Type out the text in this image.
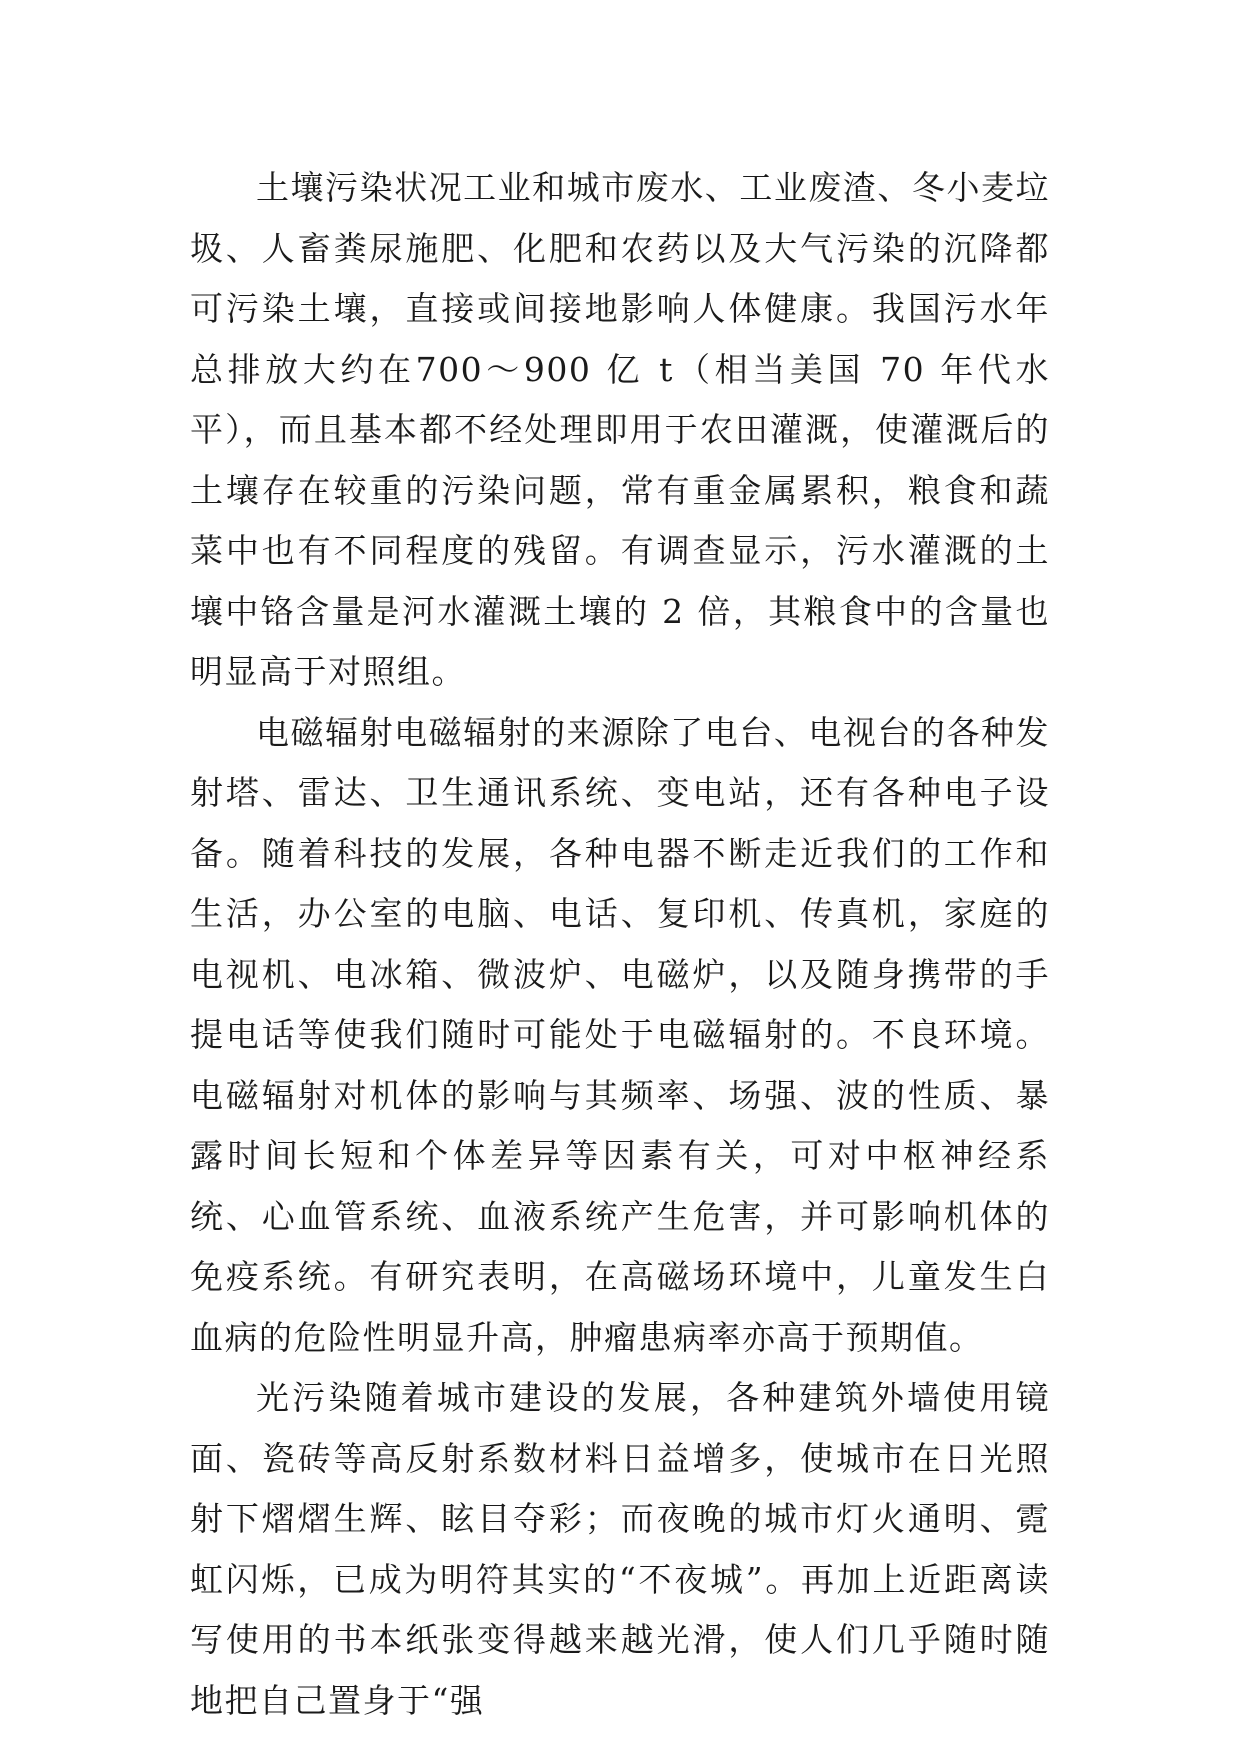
土壤污染状况工业和城市废水、工业废渣、冬小麦垃圾、人畜粪尿施肥、化肥和农药以及大气污染的沉降都可污染土壤，直接或间接地影响人体健康。我国污水年总排放大约在700～900 亿 t（相当美国 70 年代水平），而且基本都不经处理即用于农田灌溉，使灌溉后的土壤存在较重的污染问题，常有重金属累积，粮食和蔬菜中也有不同程度的残留。有调查显示，污水灌溉的土壤中铬含量是河水灌溉土壤的 2 倍，其粮食中的含量也明显高于对照组。

电磁辐射电磁辐射的来源除了电台、电视台的各种发射塔、雷达、卫生通讯系统、变电站，还有各种电子设备。随着科技的发展，各种电器不断走近我们的工作和生活，办公室的电脑、电话、复印机、传真机，家庭的电视机、电冰箱、微波炉、电磁炉，以及随身携带的手提电话等使我们随时可能处于电磁辐射的。不良环境。电磁辐射对机体的影响与其频率、场强、波的性质、暴露时间长短和个体差异等因素有关，可对中枢神经系统、心血管系统、血液系统产生危害，并可影响机体的免疫系统。有研究表明，在高磁场环境中，儿童发生白血病的危险性明显升高，肿瘤患病率亦高于预期值。

光污染随着城市建设的发展，各种建筑外墙使用镜面、瓷砖等高反射系数材料日益增多，使城市在日光照射下熠熠生辉、眩目夺彩；而夜晚的城市灯火通明、霓虹闪烁，已成为明符其实的“不夜城”。再加上近距离读写使用的书本纸张变得越来越光滑，使人们几乎随时随地把自己置身于“强
